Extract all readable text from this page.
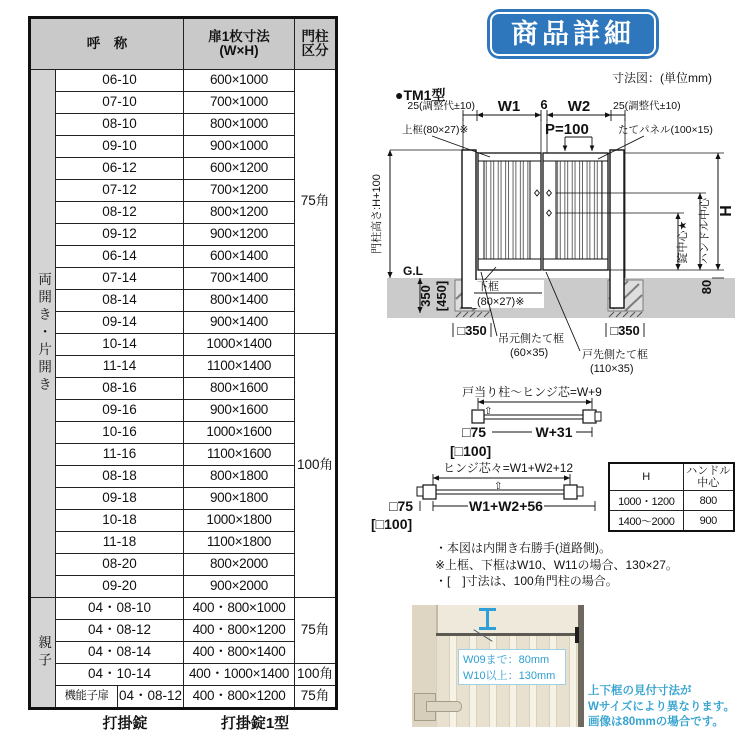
呼　称			扉1枚寸法
(W×H)	門柱
区分

両開き・片開き	06-10		600×1000	75角
	07-10		700×1000	
	08-10		800×1000	
	09-10		900×1000	
	06-12		600×1200	
	07-12		700×1200	
	08-12		800×1200	
	09-12		900×1200	
	06-14		600×1400	
	07-14		700×1400	
	08-14		800×1400	
	09-14		900×1400	
	10-14		1000×1400	100角
	11-14		1100×1400	
	08-16		800×1600	
	09-16		900×1600	
	10-16		1000×1600	
	11-16		1100×1600	
	08-18		800×1800	
	09-18		900×1800	
	10-18		1000×1800	
	11-18		1100×1800	
	08-20		800×2000	
	09-20		900×2000	
親子	04・08-10		400・800×1000	75角
	04・08-12		400・800×1200	
	04・08-14		400・800×1400	
	04・10-14		400・1000×1400	100角
	機能子扉	04・08-12	400・800×1200	75角
打掛錠	打掛錠1型
商品詳細
寸法図：(単位mm)
●TM1型
25(調整代±10) W1 6 W2 25(調整代±10)
上框(80×27)※	P=100	たてパネル(100×15)
門柱高さ:H+100
G.L
350 [450]
□350	□350
下框
(80×27)※
吊元側たて框
(60×35)	戸先側たて框
(110×35)
H
ハンドル中心
錠中心★
80
戸当り柱～ヒンジ芯=W+9
⇧
□75	W+31
[□100]
ヒンジ芯々=W1+W2+12
⇧
□75	W1+W2+56
[□100]
H	ハンドル
中心

1000・1200	800
1400～2000	900
・本図は内開き右勝手(道路側)。
※上框、下框はW10、W11の場合、130×27。
・[　]寸法は、100角門柱の場合。
W09まで：80mm
W10以上：130mm
上下框の見付寸法が
Wサイズにより異なります。
画像は80mmの場合です。
